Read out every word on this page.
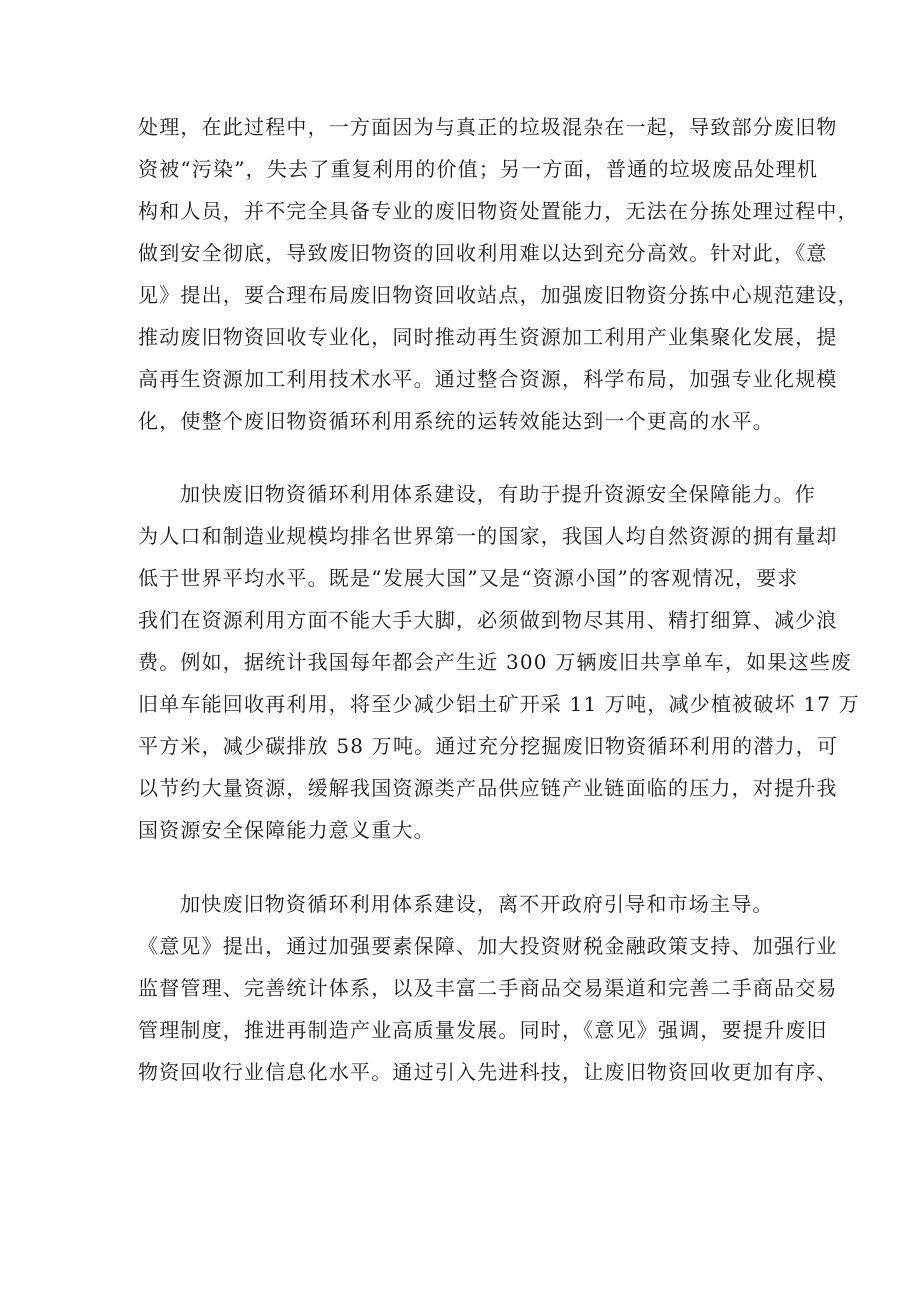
处理，在此过程中，一方面因为与真正的垃圾混杂在一起，导致部分废旧物
资被“污染”，失去了重复利用的价值；另一方面，普通的垃圾废品处理机
构和人员，并不完全具备专业的废旧物资处置能力，无法在分拣处理过程中，
做到安全彻底，导致废旧物资的回收利用难以达到充分高效。针对此，《意
见》提出，要合理布局废旧物资回收站点，加强废旧物资分拣中心规范建设，
推动废旧物资回收专业化，同时推动再生资源加工利用产业集聚化发展，提
高再生资源加工利用技术水平。通过整合资源，科学布局，加强专业化规模
化，使整个废旧物资循环利用系统的运转效能达到一个更高的水平。
加快废旧物资循环利用体系建设，有助于提升资源安全保障能力。作
为人口和制造业规模均排名世界第一的国家，我国人均自然资源的拥有量却
低于世界平均水平。既是“发展大国”又是“资源小国”的客观情况，要求
我们在资源利用方面不能大手大脚，必须做到物尽其用、精打细算、减少浪
费。例如，据统计我国每年都会产生近 300 万辆废旧共享单车，如果这些废
旧单车能回收再利用，将至少减少铝土矿开采 11 万吨，减少植被破坏 17 万
平方米，减少碳排放 58 万吨。通过充分挖掘废旧物资循环利用的潜力，可
以节约大量资源，缓解我国资源类产品供应链产业链面临的压力，对提升我
国资源安全保障能力意义重大。
加快废旧物资循环利用体系建设，离不开政府引导和市场主导。
《意见》提出，通过加强要素保障、加大投资财税金融政策支持、加强行业
监督管理、完善统计体系，以及丰富二手商品交易渠道和完善二手商品交易
管理制度，推进再制造产业高质量发展。同时，《意见》强调，要提升废旧
物资回收行业信息化水平。通过引入先进科技，让废旧物资回收更加有序、
